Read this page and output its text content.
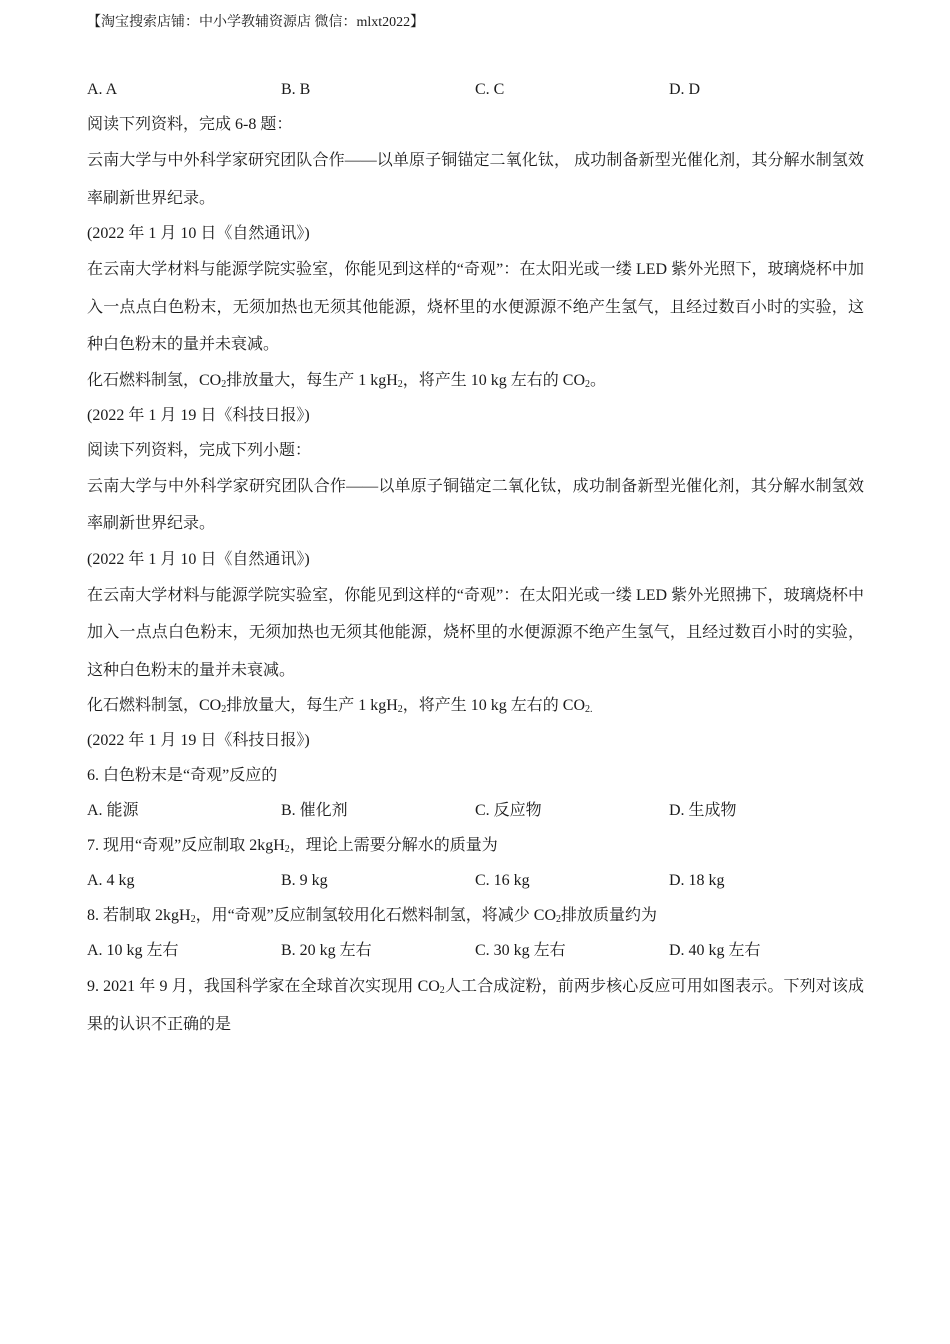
【淘宝搜索店铺：中小学教辅资源店 微信：mlxt2022】
A. A	B. B	C. C	D. D
阅读下列资料，完成 6-8 题：
云南大学与中外科学家研究团队合作——以单原子铜锚定二氧化钛， 成功制备新型光催化剂，其分解水制氢效率刷新世界纪录。
(2022 年 1 月 10 日《自然通讯》)
在云南大学材料与能源学院实验室，你能见到这样的“奇观”：在太阳光或一缕 LED 紫外光照下，玻璃烧杯中加入一点点白色粉末，无须加热也无须其他能源，烧杯里的水便源源不绝产生氢气，且经过数百小时的实验，这种白色粉末的量并未衰减。
化石燃料制氢，$CO_2$排放量大，每生产 1 kgH$_2$，将产生 10 kg 左右的 $CO_2$。
(2022 年 1 月 19 日《科技日报》)
阅读下列资料，完成下列小题：
云南大学与中外科学家研究团队合作——以单原子铜锚定二氧化钛，成功制备新型光催化剂，其分解水制氢效率刷新世界纪录。
(2022 年 1 月 10 日《自然通讯》)
在云南大学材料与能源学院实验室，你能见到这样的“奇观”：在太阳光或一缕 LED 紫外光照拂下，玻璃烧杯中加入一点点白色粉末，无须加热也无须其他能源，烧杯里的水便源源不绝产生氢气，且经过数百小时的实验，这种白色粉末的量并未衰减。
化石燃料制氢，$CO_2$排放量大，每生产 1 kgH$_2$，将产生 10 kg 左右的 $CO_{2.}$
(2022 年 1 月 19 日《科技日报》)
6. 白色粉末是“奇观”反应的
A. 能源	B. 催化剂	C. 反应物	D. 生成物
7. 现用“奇观”反应制取 2kgH$_2$，理论上需要分解水的质量为
A. 4 kg	B. 9 kg	C. 16 kg	D. 18 kg
8. 若制取 2kgH$_2$，用“奇观”反应制氢较用化石燃料制氢，将减少 $CO_2$排放质量约为
A. 10 kg 左右	B. 20 kg 左右	C. 30 kg 左右	D. 40 kg 左右
9. 2021 年 9 月，我国科学家在全球首次实现用 $CO_2$人工合成淀粉，前两步核心反应可用如图表示。下列对该成果的认识不正确的是
